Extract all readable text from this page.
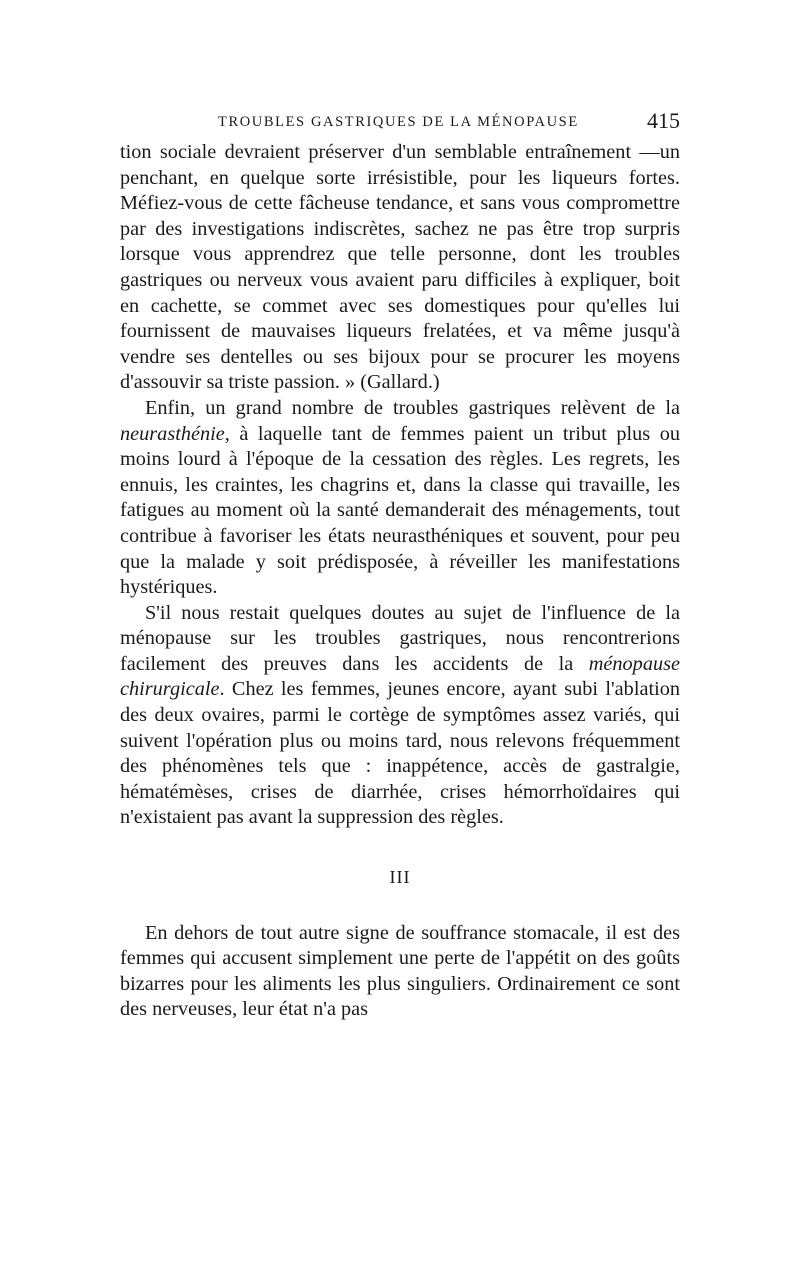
TROUBLES GASTRIQUES DE LA MÉNOPAUSE	415

tion sociale devraient préserver d'un semblable entraînement —un penchant, en quelque sorte irrésistible, pour les liqueurs fortes. Méfiez-vous de cette fâcheuse tendance, et sans vous compromettre par des investigations indiscrètes, sachez ne pas être trop surpris lorsque vous apprendrez que telle personne, dont les troubles gastriques ou nerveux vous avaient paru difficiles à expliquer, boit en cachette, se commet avec ses domestiques pour qu'elles lui fournissent de mauvaises liqueurs frelatées, et va même jusqu'à vendre ses dentelles ou ses bijoux pour se procurer les moyens d'assouvir sa triste passion. » (Gallard.)

Enfin, un grand nombre de troubles gastriques relèvent de la neurasthénie, à laquelle tant de femmes paient un tribut plus ou moins lourd à l'époque de la cessation des règles. Les regrets, les ennuis, les craintes, les chagrins et, dans la classe qui travaille, les fatigues au moment où la santé demanderait des ménagements, tout contribue à favoriser les états neurasthéniques et souvent, pour peu que la malade y soit prédisposée, à réveiller les manifestations hystériques.

S'il nous restait quelques doutes au sujet de l'influence de la ménopause sur les troubles gastriques, nous rencontrerions facilement des preuves dans les accidents de la ménopause chirurgicale. Chez les femmes, jeunes encore, ayant subi l'ablation des deux ovaires, parmi le cortège de symptômes assez variés, qui suivent l'opération plus ou moins tard, nous relevons fréquemment des phénomènes tels que : inappétence, accès de gastralgie, hématémèses, crises de diarrhée, crises hémorrhoïdaires qui n'existaient pas avant la suppression des règles.

III

En dehors de tout autre signe de souffrance stomacale, il est des femmes qui accusent simplement une perte de l'appétit on des goûts bizarres pour les aliments les plus singuliers. Ordinairement ce sont des nerveuses, leur état n'a pas
